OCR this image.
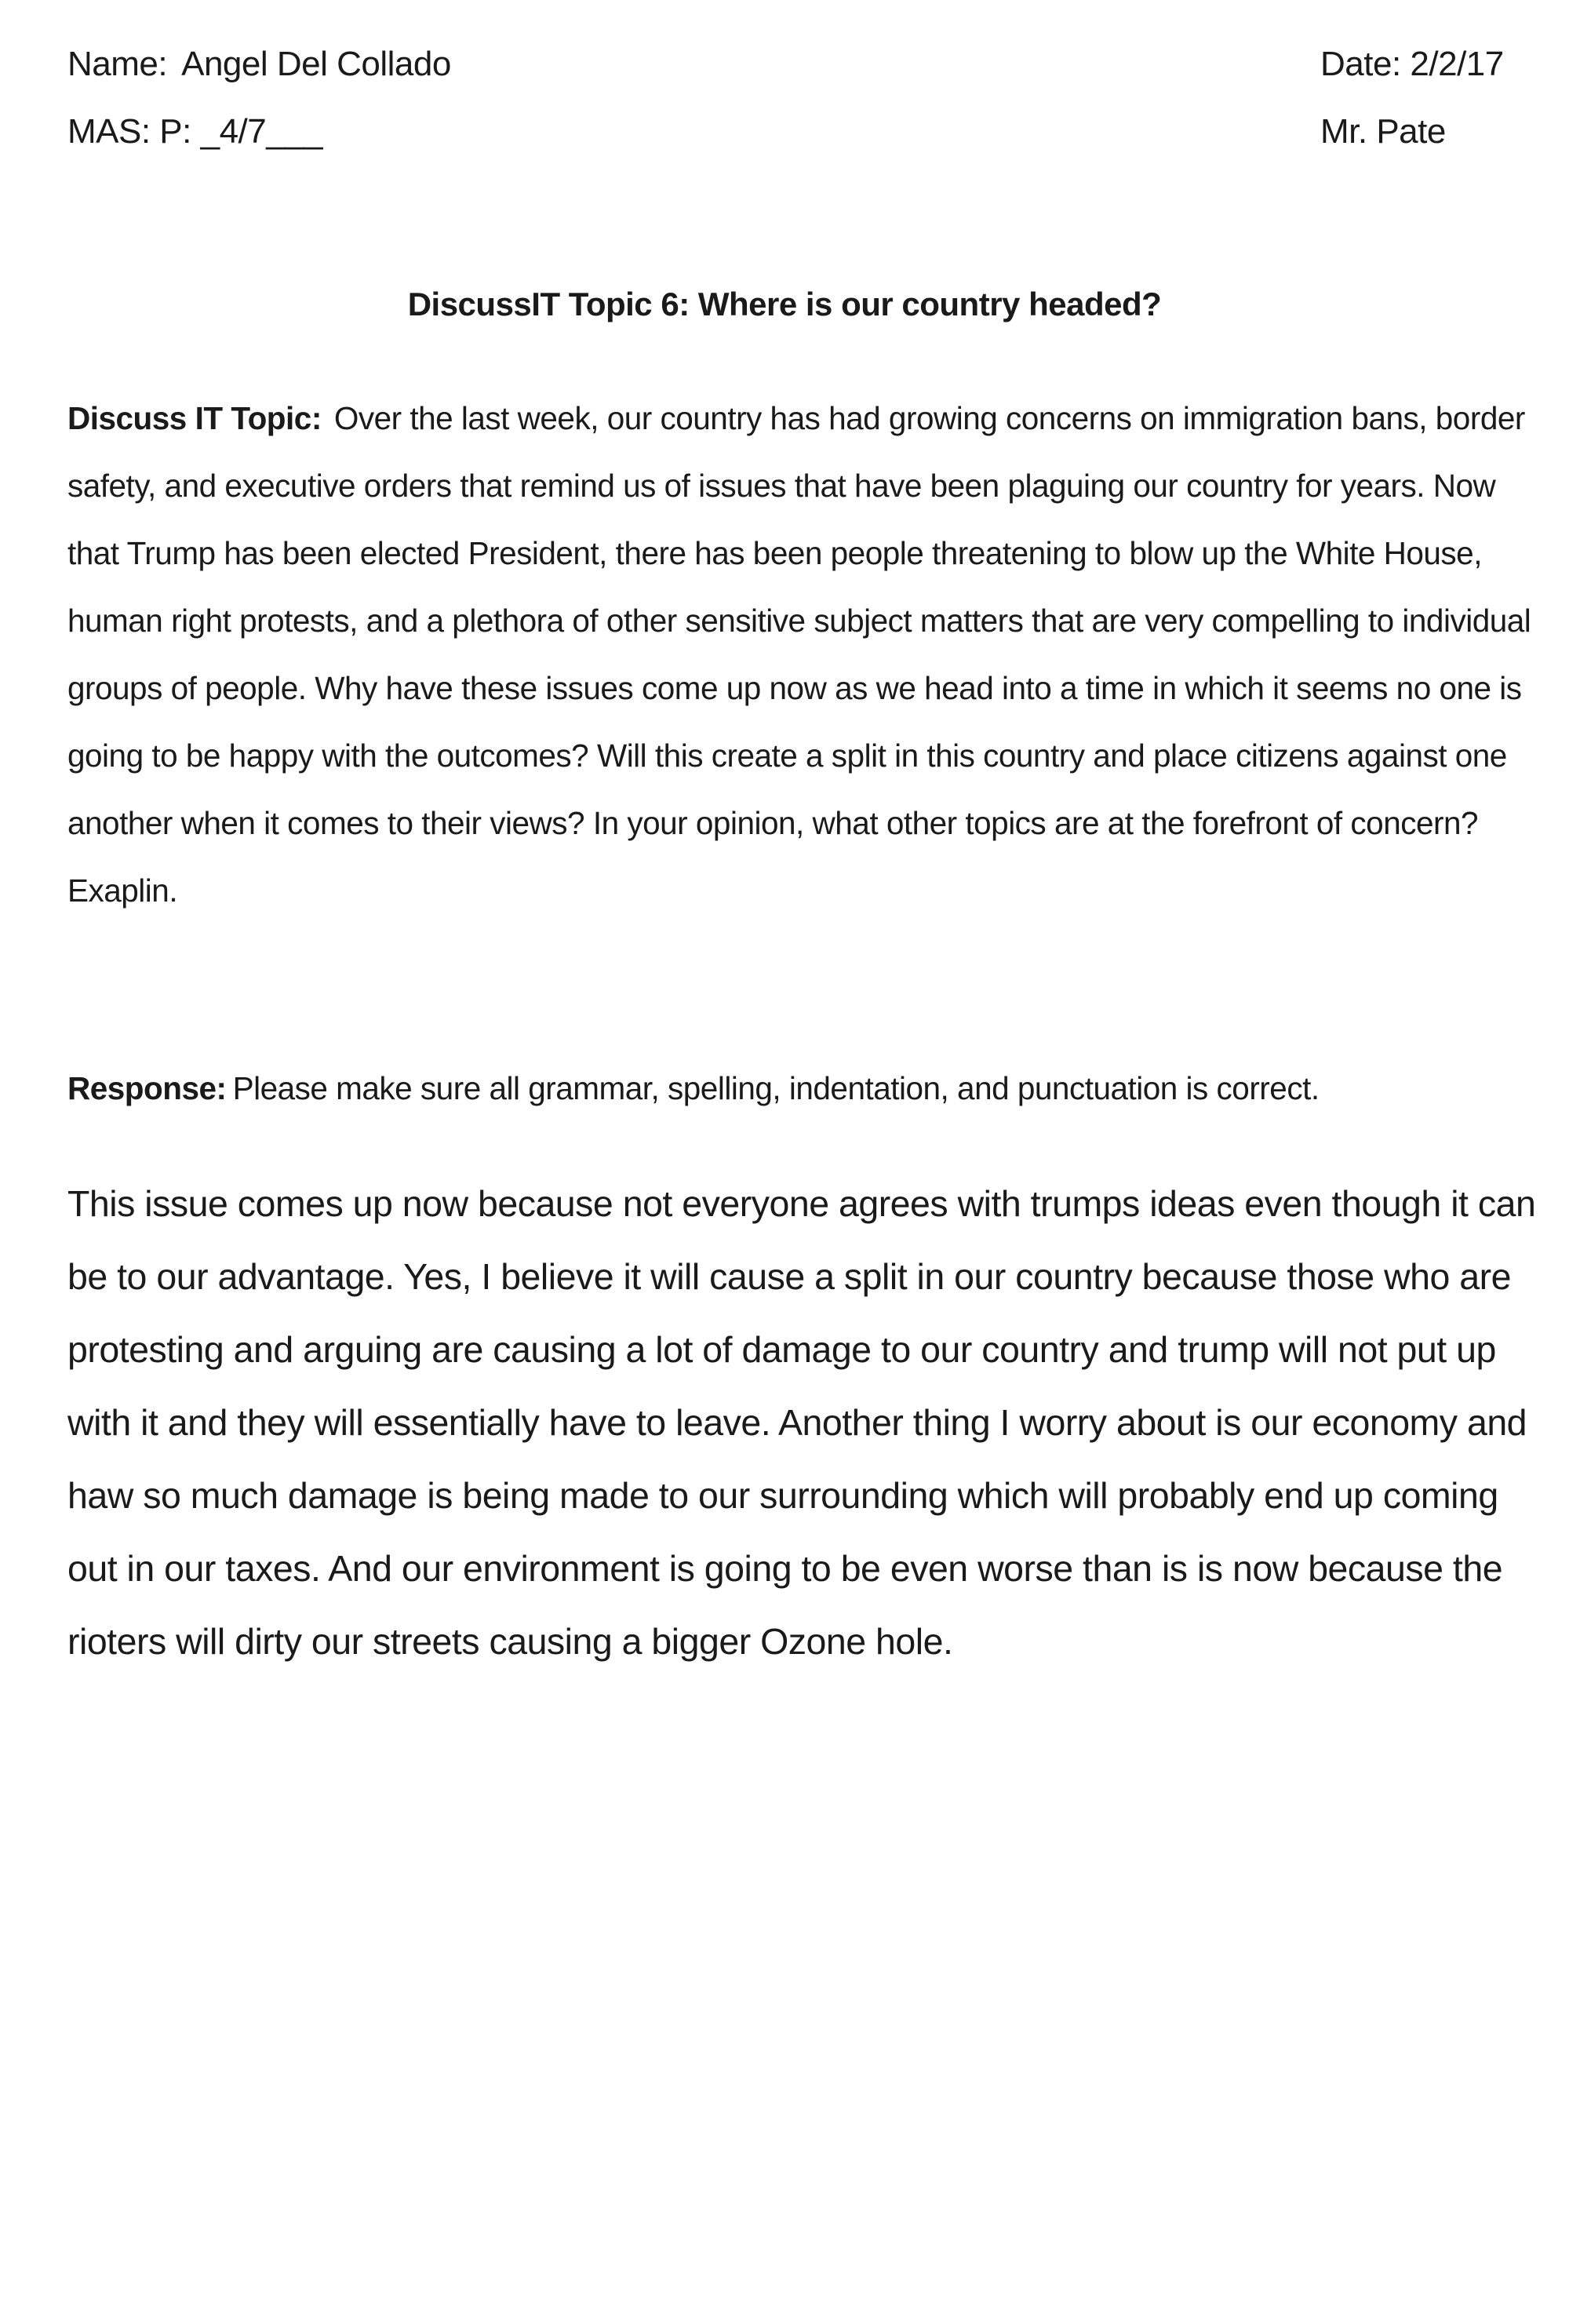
Name: Angel Del Collado
MAS: P: _4/7___
Date: 2/2/17
Mr. Pate
DiscussIT Topic 6: Where is our country headed?

Discuss IT Topic: Over the last week, our country has had growing concerns on immigration bans, border safety, and executive orders that remind us of issues that have been plaguing our country for years. Now that Trump has been elected President, there has been people threatening to blow up the White House, human right protests, and a plethora of other sensitive subject matters that are very compelling to individual groups of people. Why have these issues come up now as we head into a time in which it seems no one is going to be happy with the outcomes? Will this create a split in this country and place citizens against one another when it comes to their views? In your opinion, what other topics are at the forefront of concern? Exaplin.

Response: Please make sure all grammar, spelling, indentation, and punctuation is correct.

This issue comes up now because not everyone agrees with trumps ideas even though it can be to our advantage. Yes, I believe it will cause a split in our country because those who are protesting and arguing are causing a lot of damage to our country and trump will not put up with it and they will essentially have to leave. Another thing I worry about is our economy and haw so much damage is being made to our surrounding which will probably end up coming out in our taxes. And our environment is going to be even worse than is is now because the rioters will dirty our streets causing a bigger Ozone hole.
